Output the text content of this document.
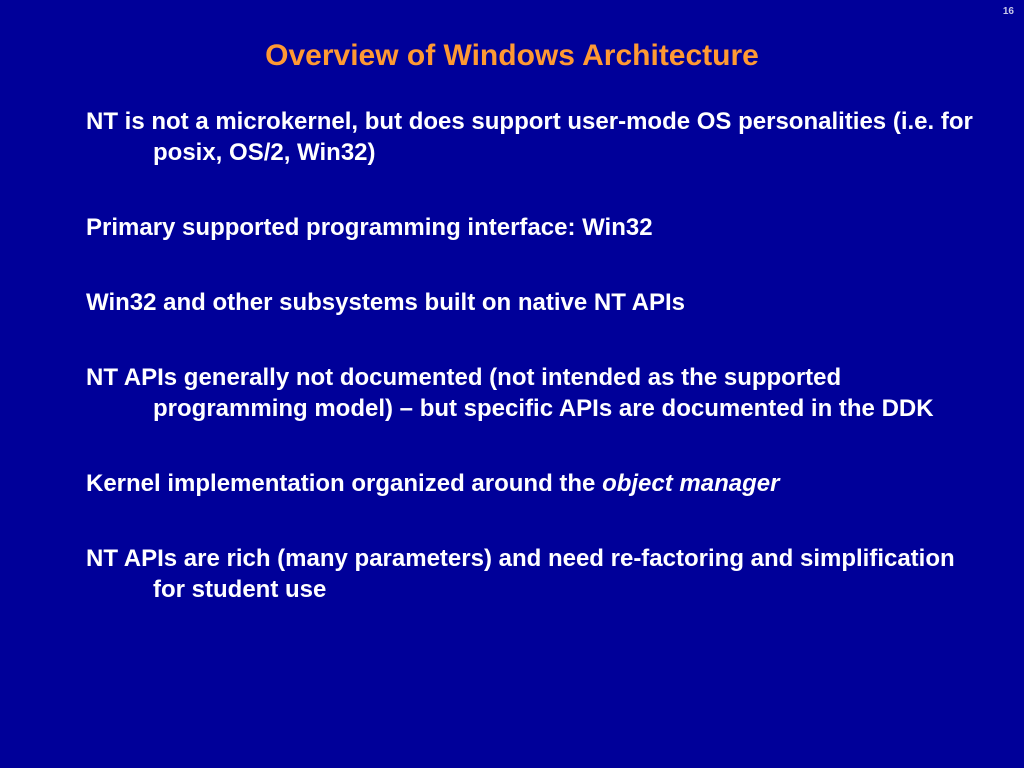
16
Overview of Windows Architecture
NT is not a microkernel, but does support user-mode OS personalities (i.e. for posix, OS/2, Win32)
Primary supported programming interface: Win32
Win32 and other subsystems built on native NT APIs
NT APIs generally not documented (not intended as the supported programming model) – but specific APIs are documented in the DDK
Kernel implementation organized around the object manager
NT APIs are rich (many parameters) and need re-factoring and simplification for student use
